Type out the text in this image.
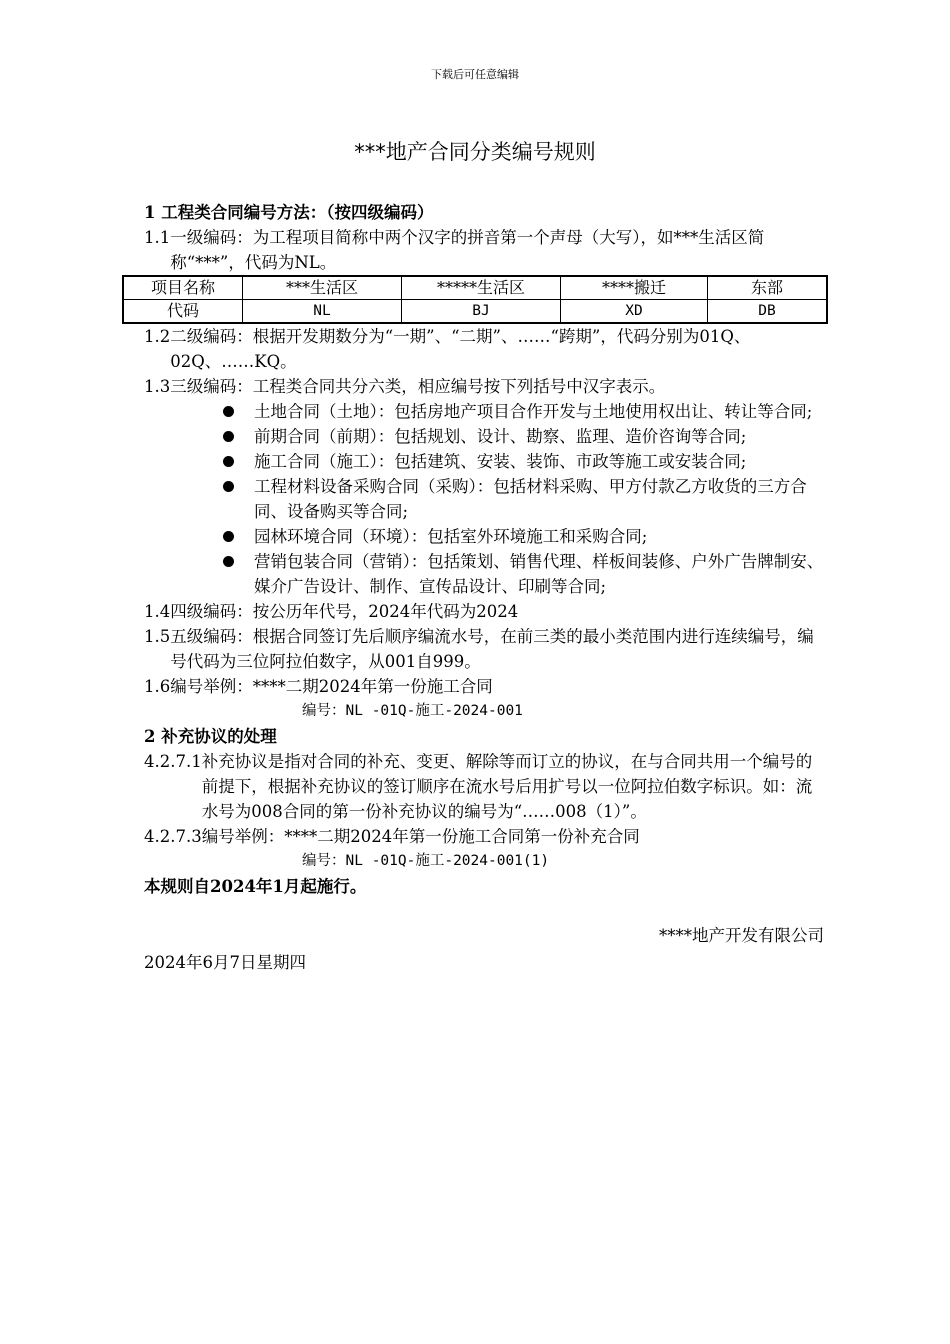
下载后可任意编辑
***地产合同分类编号规则
1 工程类合同编号方法：（按四级编码）
1.1 一级编码：为工程项目简称中两个汉字的拼音第一个声母（大写），如***生活区简称“***”，代码为NL。
项目名称	***生活区	*****生活区	****搬迁	东部
代码	NL	BJ	XD	DB
1.2 二级编码：根据开发期数分为“一期”、“二期”、……“跨期”，代码分别为01Q、02Q、……KQ。
1.3 三级编码：工程类合同共分六类，相应编号按下列括号中汉字表示。
土地合同（土地）：包括房地产项目合作开发与土地使用权出让、转让等合同;
前期合同（前期）：包括规划、设计、勘察、监理、造价咨询等合同;
施工合同（施工）：包括建筑、安装、装饰、市政等施工或安装合同;
工程材料设备采购合同（采购）：包括材料采购、甲方付款乙方收货的三方合同、设备购买等合同;
园林环境合同（环境）：包括室外环境施工和采购合同;
营销包装合同（营销）：包括策划、销售代理、样板间装修、户外广告牌制安、媒介广告设计、制作、宣传品设计、印刷等合同;
1.4 四级编码：按公历年代号，2024年代码为2024
1.5 五级编码：根据合同签订先后顺序编流水号，在前三类的最小类范围内进行连续编号，编号代码为三位阿拉伯数字，从001自999。
1.6 编号举例：****二期2024年第一份施工合同
编号：NL -01Q-施工-2024-001
2 补充协议的处理
4.2.7.1 补充协议是指对合同的补充、变更、解除等而订立的协议，在与合同共用一个编号的前提下，根据补充协议的签订顺序在流水号后用扩号以一位阿拉伯数字标识。如：流水号为008合同的第一份补充协议的编号为“……008（1）”。
4.2.7.3 编号举例：****二期2024年第一份施工合同第一份补充合同
编号：NL -01Q-施工-2024-001(1)
本规则自2024年1月起施行。
****地产开发有限公司
2024年6月7日星期四
